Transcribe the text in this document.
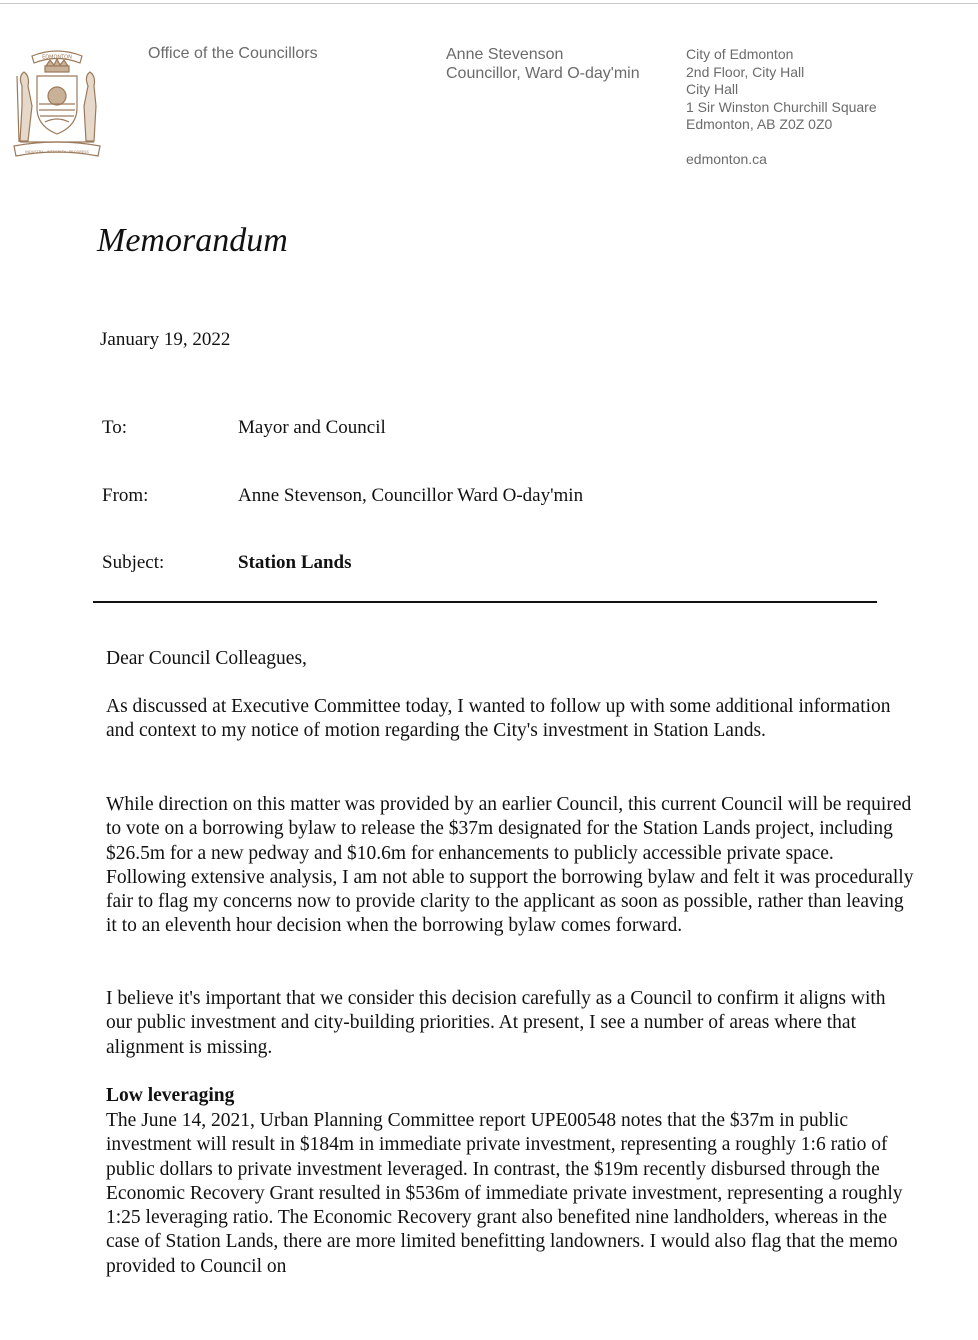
EDMONTON
INDUSTRY · INTEGRITY · PROGRESS
Office of the Councillors	Anne Stevenson
Councillor, Ward O-day'min
City of Edmonton
2nd Floor, City Hall
City Hall
1 Sir Winston Churchill Square
Edmonton, AB Z0Z 0Z0
edmonton.ca
Memorandum
January 19, 2022
To:	Mayor and Council
From:	Anne Stevenson, Councillor Ward O-day'min
Subject:	Station Lands

Dear Council Colleagues,

As discussed at Executive Committee today, I wanted to follow up with some additional information and context to my notice of motion regarding the City's investment in Station Lands.

While direction on this matter was provided by an earlier Council, this current Council will be required to vote on a borrowing bylaw to release the $37m designated for the Station Lands project, including $26.5m for a new pedway and $10.6m for enhancements to publicly accessible private space. Following extensive analysis, I am not able to support the borrowing bylaw and felt it was procedurally fair to flag my concerns now to provide clarity to the applicant as soon as possible, rather than leaving it to an eleventh hour decision when the borrowing bylaw comes forward.

I believe it's important that we consider this decision carefully as a Council to confirm it aligns with our public investment and city-building priorities. At present, I see a number of areas where that alignment is missing.

Low leveraging

The June 14, 2021, Urban Planning Committee report UPE00548 notes that the $37m in public investment will result in $184m in immediate private investment, representing a roughly 1:6 ratio of public dollars to private investment leveraged. In contrast, the $19m recently disbursed through the Economic Recovery Grant resulted in $536m of immediate private investment, representing a roughly 1:25 leveraging ratio. The Economic Recovery grant also benefited nine landholders, whereas in the case of Station Lands, there are more limited benefitting landowners. I would also flag that the memo provided to Council on
